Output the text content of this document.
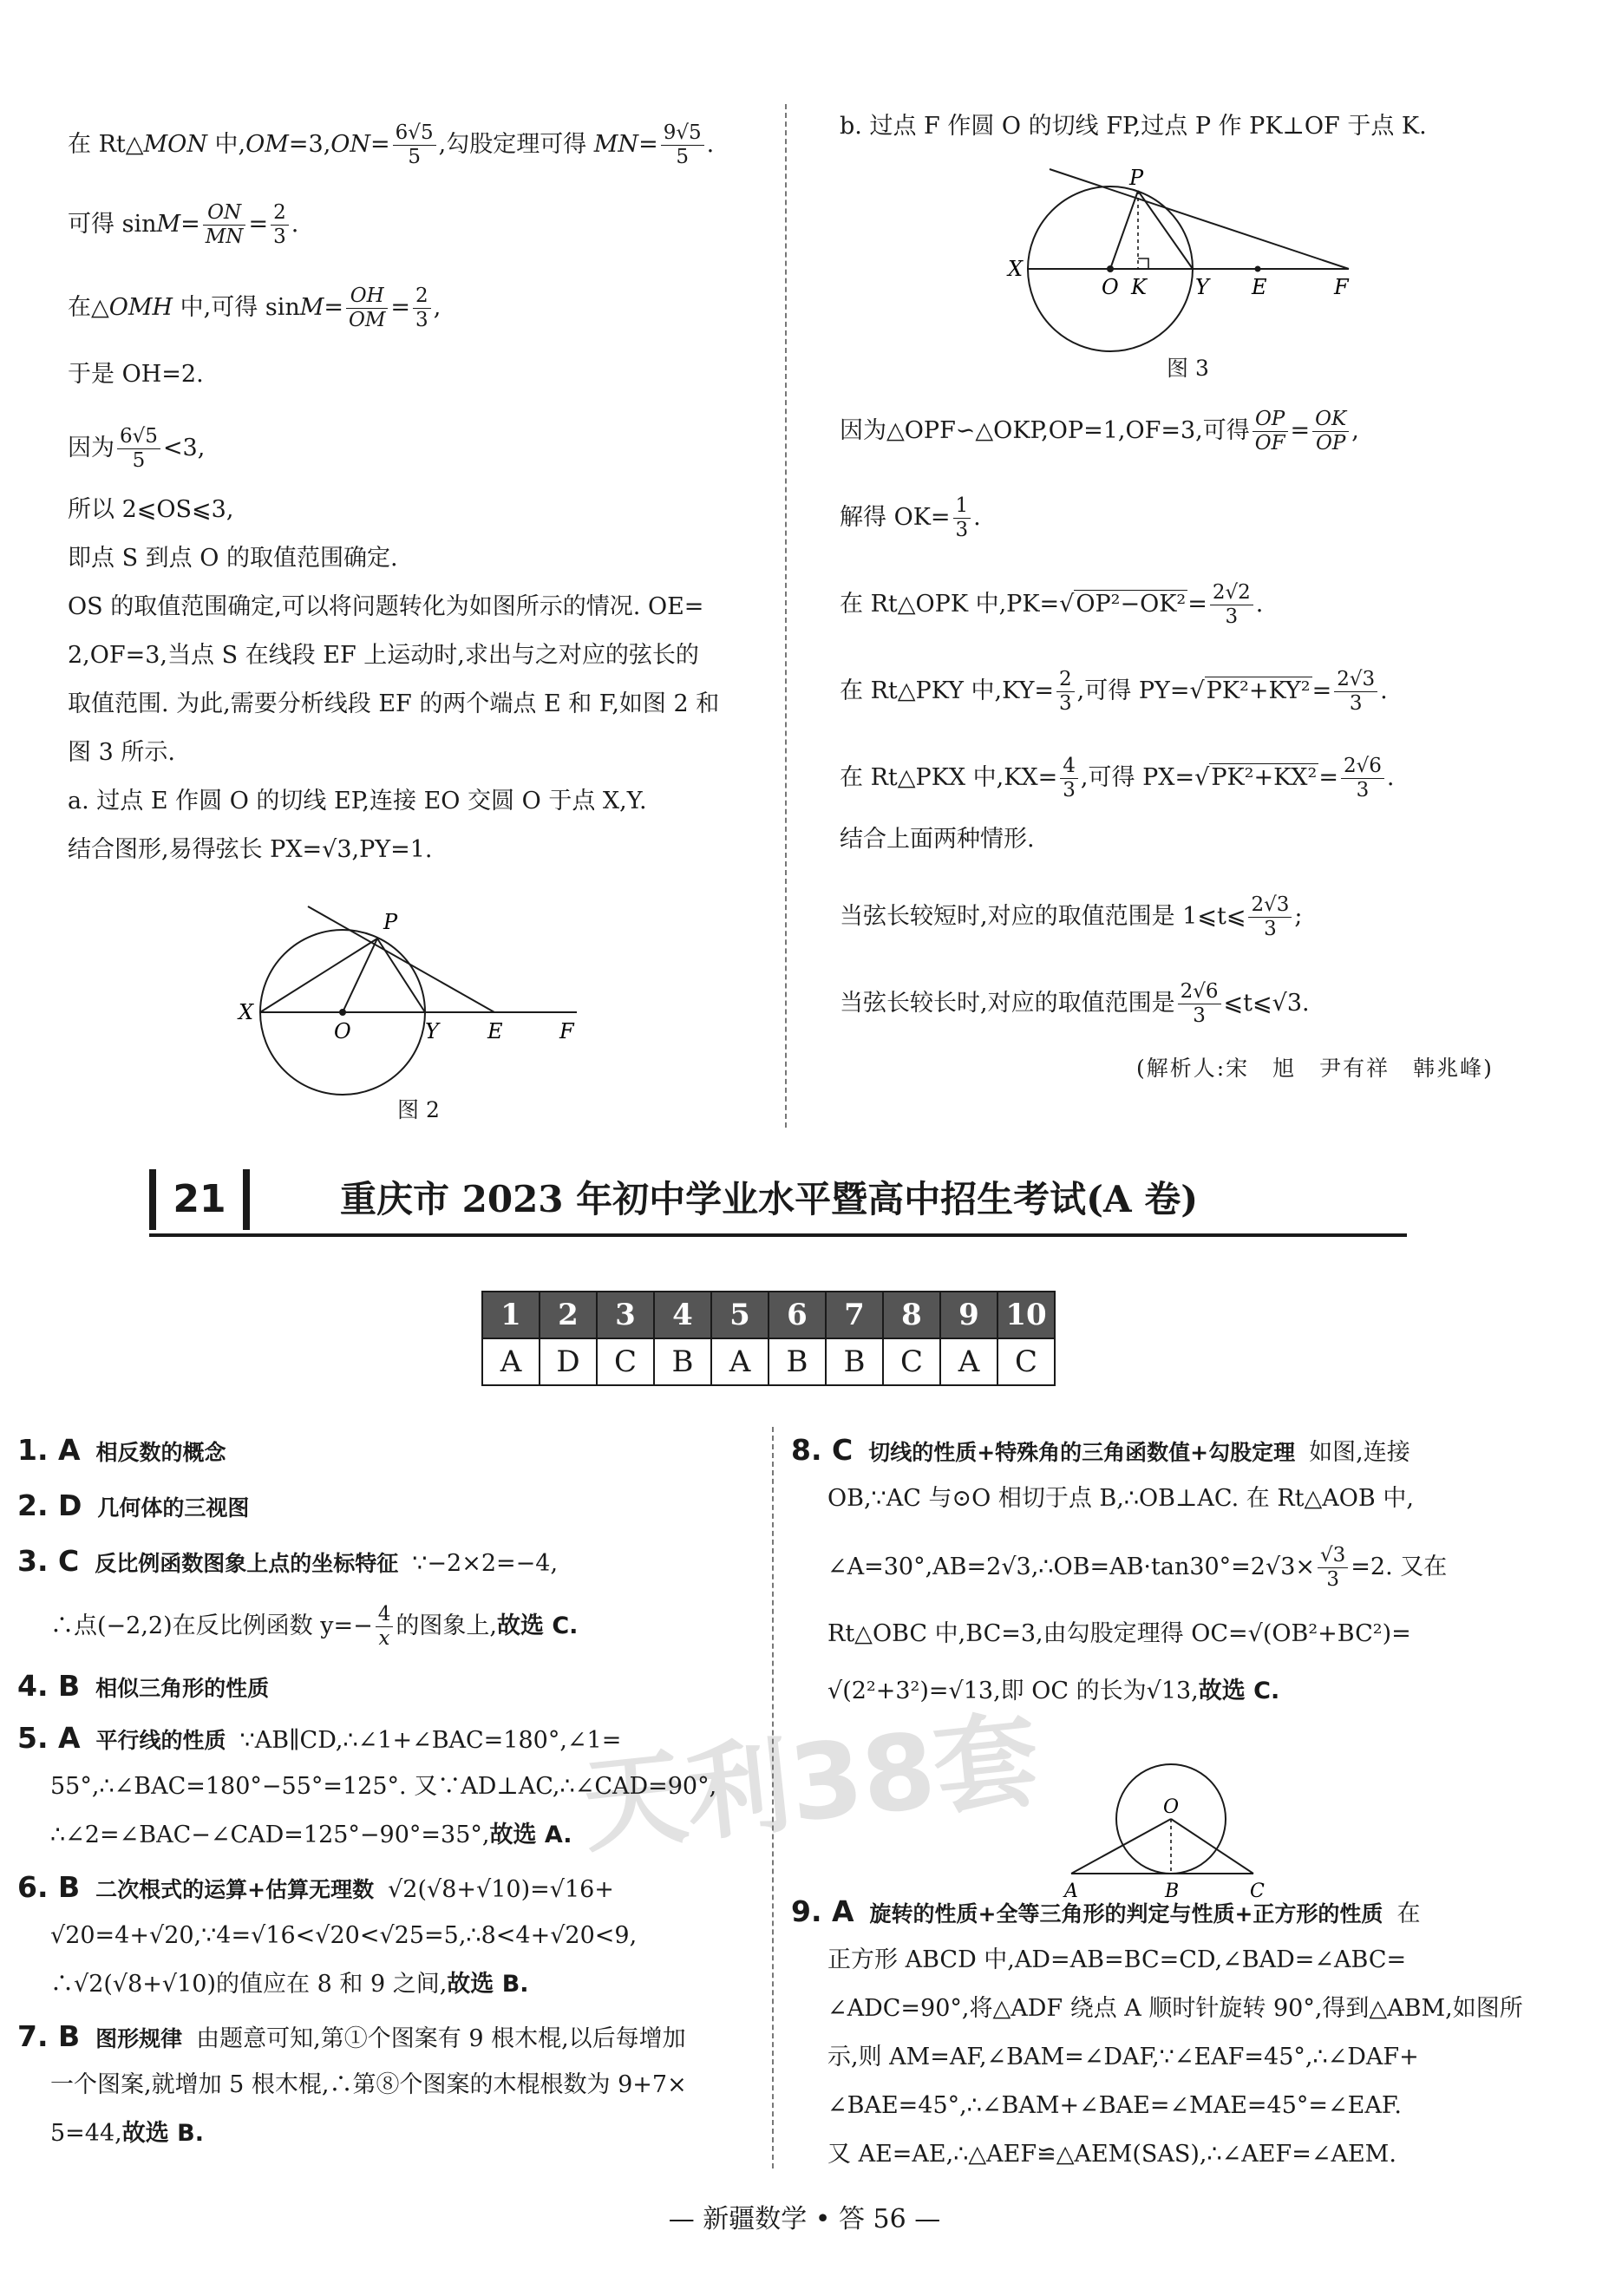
在 Rt△MON 中$,OM=3,ON= \frac{6√5}{5}$ ,勾股定理可得 $MN= \frac{9√5}{5}$ .
可得 $\sin M= \frac{ON}{MN} = \frac{2}{3}$ .
在△OMH 中,可得 $\sin M= \frac{OH}{OM} = \frac{2}{3}$ ,
于是 OH=2.
因为 $\frac{6√5}{5} <3$,
所以 2⩽OS⩽3,
即点 S 到点 O 的取值范围确定.
OS 的取值范围确定,可以将问题转化为如图所示的情况. OE=
2,OF=3,当点 S 在线段 EF 上运动时,求出与之对应的弦长的
取值范围. 为此,需要分析线段 EF 的两个端点 E 和 F,如图 2 和
图 3 所示.
a. 过点 E 作圆 O 的切线 EP,连接 EO 交圆 O 于点 X,Y.
结合图形,易得弦长 PX=√3,PY=1.
P
X
O	Y E	F
图 2
b. 过点 F 作圆 O 的切线 FP,过点 P 作 PK⊥OF 于点 K.
P
X
O K Y E	F
图 3
因为△OPF∽△OKP,OP=1,OF=3,可得 $\frac{OP}{OF} = \frac{OK}{OP}$ ,
解得 $OK= \frac{1}{3}$ .
在 Rt△OPK 中$,PK=√OP^2-OK^2= \frac{2√2}{3}$ .
在 Rt△PKY 中$,KY= \frac{2}{3}$ ,可得 $PY=√PK^2+KY^2= \frac{2√3}{3}$ .
在 Rt△PKX 中$,KX= \frac{4}{3}$ ,可得 $PX=√PK^2+KX^2= \frac{2√6}{3}$ .
结合上面两种情形.
当弦长较短时,对应的取值范围是 1⩽t⩽ $\frac{2√3}{3}$ ;
当弦长较长时,对应的取值范围是 $\frac{2√6}{3}$ ⩽t⩽√3.
(解析人:宋　旭　尹有祥　韩兆峰)
21	重庆市 2023 年初中学业水平暨高中招生考试(A 卷)
1	2	3	4	5	6	7	8	9	10
A	D	C	B	A	B	B	C	A	C
天利38套
1. A 相反数的概念
2. D 几何体的三视图
3. C 反比例函数图象上点的坐标特征 ∵−2×2=−4,
∴点(−2,2)在反比例函数 $y=- \frac{4}{x}$ 的图象上,故选 C.
4. B 相似三角形的性质
5. A 平行线的性质 ∵AB∥CD,∴∠1+∠BAC=180°,∠1=
55°,∴∠BAC=180°−55°=125°. 又∵AD⊥AC,∴∠CAD=90°,
∴∠2=∠BAC−∠CAD=125°−90°=35°,故选 A.
6. B 二次根式的运算+估算无理数 √2(√8+√10)=√16+
√20=4+√20,∵4=√16<√20<√25=5,∴8<4+√20<9,
∴√2(√8+√10)的值应在 8 和 9 之间,故选 B.
7. B 图形规律 由题意可知,第①个图案有 9 根木棍,以后每增加
一个图案,就增加 5 根木棍,∴第⑧个图案的木棍根数为 9+7×
5=44,故选 B.
8. C 切线的性质+特殊角的三角函数值+勾股定理 如图,连接
OB,∵AC 与⊙O 相切于点 B,∴OB⊥AC. 在 Rt△AOB 中,
∠A=30°,AB=2√3,∴OB=AB·tan30°=2√3× $\frac{√3}{3} =2$. 又在
Rt△OBC 中,BC=3,由勾股定理得 OC=√(OB²+BC²)=
√(2²+3²)=√13,即 OC 的长为√13,故选 C.
O
A	B	C
9. A 旋转的性质+全等三角形的判定与性质+正方形的性质 在
正方形 ABCD 中,AD=AB=BC=CD,∠BAD=∠ABC=
∠ADC=90°,将△ADF 绕点 A 顺时针旋转 90°,得到△ABM,如图所
示,则 AM=AF,∠BAM=∠DAF,∵∠EAF=45°,∴∠DAF+
∠BAE=45°,∴∠BAM+∠BAE=∠MAE=45°=∠EAF.
又 AE=AE,∴△AEF≌△AEM(SAS),∴∠AEF=∠AEM.
— 新疆数学 • 答 56 —
